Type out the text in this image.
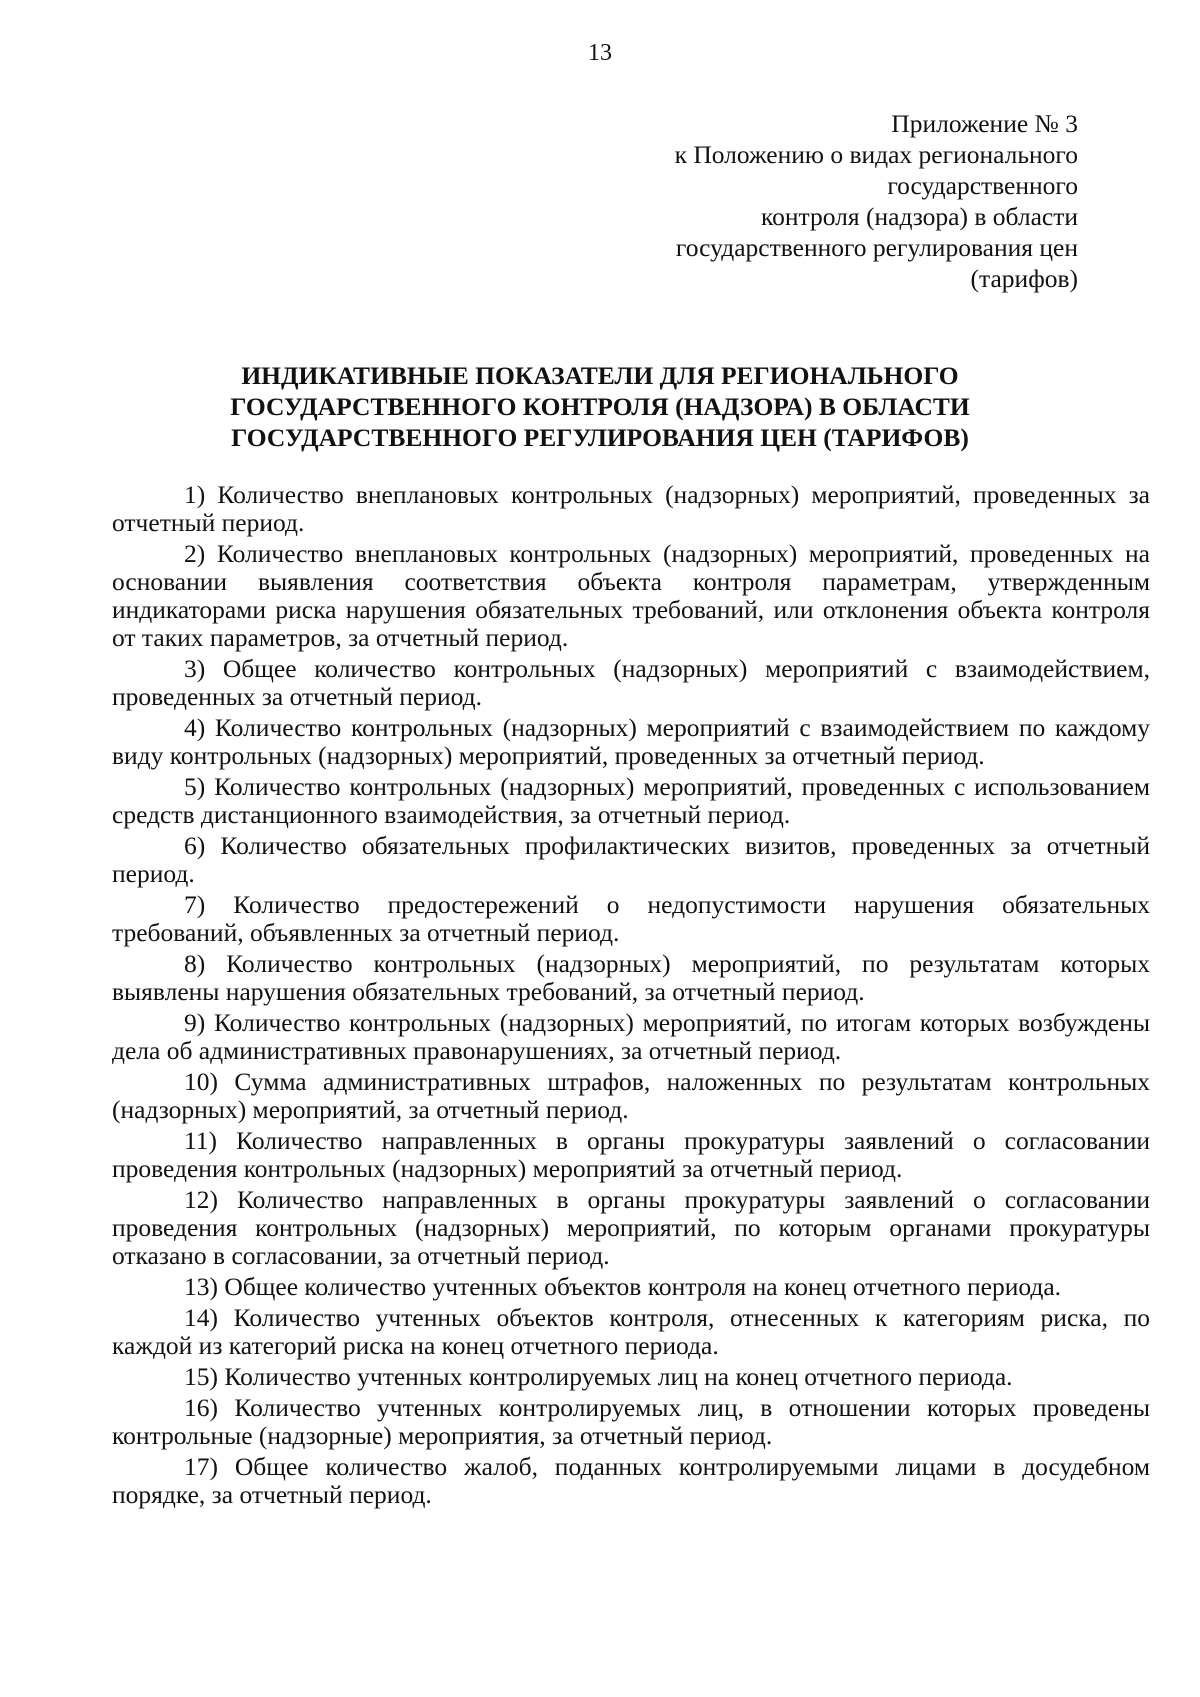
13
Приложение № 3
к Положению о видах регионального
государственного
контроля (надзора) в области
государственного регулирования цен
(тарифов)
ИНДИКАТИВНЫЕ ПОКАЗАТЕЛИ ДЛЯ РЕГИОНАЛЬНОГО
ГОСУДАРСТВЕННОГО КОНТРОЛЯ (НАДЗОРА) В ОБЛАСТИ
ГОСУДАРСТВЕННОГО РЕГУЛИРОВАНИЯ ЦЕН (ТАРИФОВ)

1) Количество внеплановых контрольных (надзорных) мероприятий, проведенных за отчетный период.

2) Количество внеплановых контрольных (надзорных) мероприятий, проведенных на основании выявления соответствия объекта контроля параметрам, утвержденным индикаторами риска нарушения обязательных требований, или отклонения объекта контроля от таких параметров, за отчетный период.

3) Общее количество контрольных (надзорных) мероприятий с взаимодействием, проведенных за отчетный период.

4) Количество контрольных (надзорных) мероприятий с взаимодействием по каждому виду контрольных (надзорных) мероприятий, проведенных за отчетный период.

5) Количество контрольных (надзорных) мероприятий, проведенных с использованием средств дистанционного взаимодействия, за отчетный период.

6) Количество обязательных профилактических визитов, проведенных за отчетный период.

7) Количество предостережений о недопустимости нарушения обязательных требований, объявленных за отчетный период.

8) Количество контрольных (надзорных) мероприятий, по результатам которых выявлены нарушения обязательных требований, за отчетный период.

9) Количество контрольных (надзорных) мероприятий, по итогам которых возбуждены дела об административных правонарушениях, за отчетный период.

10) Сумма административных штрафов, наложенных по результатам контрольных (надзорных) мероприятий, за отчетный период.

11) Количество направленных в органы прокуратуры заявлений о согласовании проведения контрольных (надзорных) мероприятий за отчетный период.

12) Количество направленных в органы прокуратуры заявлений о согласовании проведения контрольных (надзорных) мероприятий, по которым органами прокуратуры отказано в согласовании, за отчетный период.

13) Общее количество учтенных объектов контроля на конец отчетного периода.

14) Количество учтенных объектов контроля, отнесенных к категориям риска, по каждой из категорий риска на конец отчетного периода.

15) Количество учтенных контролируемых лиц на конец отчетного периода.

16) Количество учтенных контролируемых лиц, в отношении которых проведены контрольные (надзорные) мероприятия, за отчетный период.

17) Общее количество жалоб, поданных контролируемыми лицами в досудебном порядке, за отчетный период.
